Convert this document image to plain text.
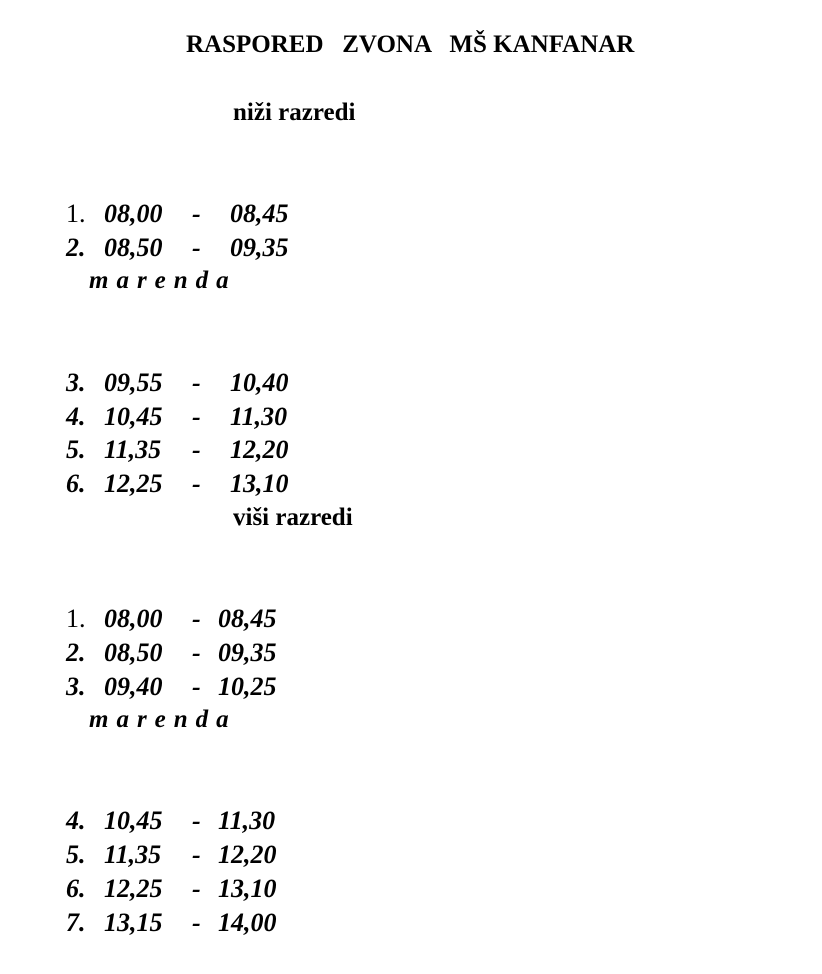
RASPORED   ZVONA   MŠ KANFANAR
niži razredi

1. 08,00 - 08,45

2. 08,50 - 09,35

marenda

3. 09,55 - 10,40

4. 10,45 - 11,30

5. 11,35 - 12,20

6. 12,25 - 13,10

viši razredi

1. 08,00 - 08,45

2. 08,50 - 09,35

3. 09,40 - 10,25

marenda

4. 10,45 - 11,30

5. 11,35 - 12,20

6. 12,25 - 13,10

7. 13,15 - 14,00
